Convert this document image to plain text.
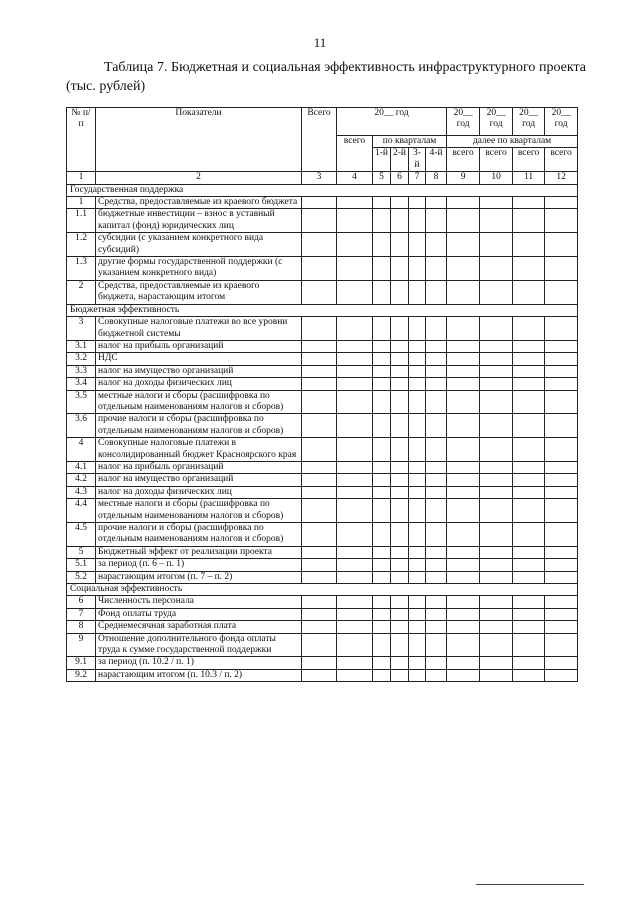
11
Таблица 7. Бюджетная и социальная эффективность инфраструктурного проекта (тыс. рублей)
№ п/п	Показатели	Всего	20__ год					20__ год	20__ год	20__ год	20__ год
			всего	по кварталам				далее по кварталам			
				1-й	2-й	3-й	4-й	всего	всего	всего	всего
1	2	3	4	5	6	7	8	9	10	11	12
Государственная поддержка											
1	Средства, предоставляемые из краевого бюджета										
1.1	бюджетные инвестиции – взнос в уставный капитал (фонд) юридических лиц										
1.2	субсидии (с указанием конкретного вида субсидий)										
1.3	другие формы государственной поддержки (с указанием конкретного вида)										
2	Средства, предоставляемые из краевого бюджета, нарастающим итогом										
Бюджетная эффективность											
3	Совокупные налоговые платежи во все уровни бюджетной системы										
3.1	налог на прибыль организаций										
3.2	НДС										
3.3	налог на имущество организаций										
3.4	налог на доходы физических лиц										
3.5	местные налоги и сборы (расшифровка по отдельным наименованиям налогов и сборов)										
3.6	прочие налоги и сборы (расшифровка по отдельным наименованиям налогов и сборов)										
4	Совокупные налоговые платежи в консолидированный бюджет Красноярского края										
4.1	налог на прибыль организаций										
4.2	налог на имущество организаций										
4.3	налог на доходы физических лиц										
4.4	местные налоги и сборы (расшифровка по отдельным наименованиям налогов и сборов)										
4.5	прочие налоги и сборы (расшифровка по отдельным наименованиям налогов и сборов)										
5	Бюджетный эффект от реализации проекта										
5.1	за период (п. 6 – п. 1)										
5.2	нарастающим итогом (п. 7 – п. 2)										
Социальная эффективность											
6	Численность персонала										
7	Фонд оплаты труда										
8	Среднемесячная заработная плата										
9	Отношение дополнительного фонда оплаты труда к сумме государственной поддержки										
9.1	за период (п. 10.2 / п. 1)										
9.2	нарастающим итогом (п. 10.3 / п. 2)										
